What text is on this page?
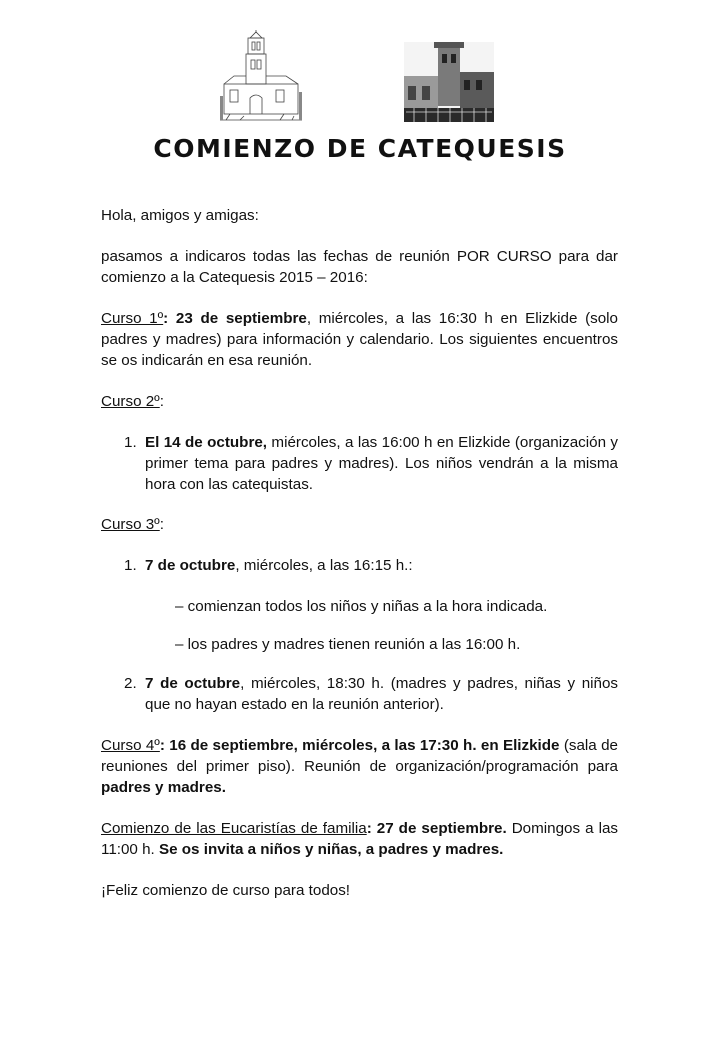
COMIENZO DE CATEQUESIS

Hola, amigos y amigas:

pasamos a indicaros todas las fechas de reunión POR CURSO para dar comienzo a la Catequesis 2015 – 2016:

Curso 1º: 23 de septiembre, miércoles, a las 16:30 h en Elizkide (solo padres y madres) para información y calendario. Los siguientes encuentros se os indicarán en esa reunión.

Curso 2º:

1. El 14 de octubre, miércoles, a las 16:00 h en Elizkide (organización y primer tema para padres y madres). Los niños vendrán a la misma hora con las catequistas.

Curso 3º:

1. 7 de octubre, miércoles, a las 16:15 h.:

– comienzan todos los niños y niñas a la hora indicada.

– los padres y madres tienen reunión a las 16:00 h.

2. 7 de octubre, miércoles, 18:30 h. (madres y padres, niñas y niños que no hayan estado en la reunión anterior).

Curso 4º: 16 de septiembre, miércoles, a las 17:30 h. en Elizkide (sala de reuniones del primer piso). Reunión de organización/programación para padres y madres.

Comienzo de las Eucaristías de familia: 27 de septiembre. Domingos a las 11:00 h. Se os invita a niños y niñas, a padres y madres.

¡Feliz comienzo de curso para todos!
